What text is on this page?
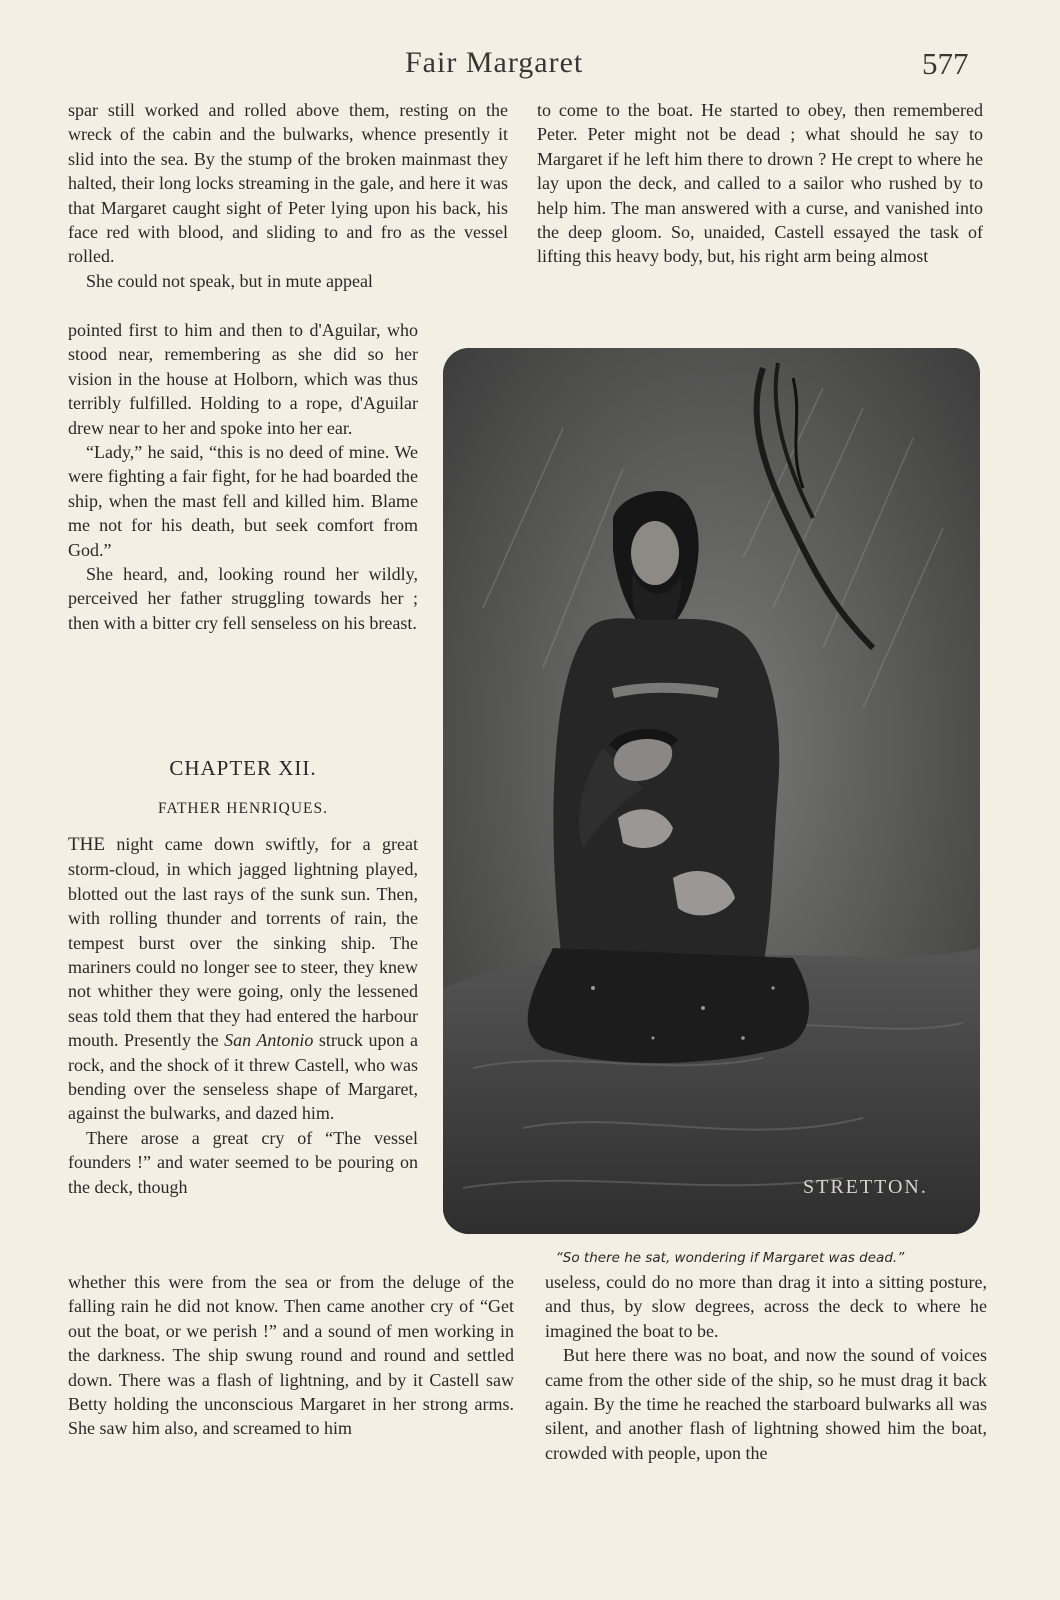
Fair Margaret	577

spar still worked and rolled above them, resting on the wreck of the cabin and the bulwarks, whence presently it slid into the sea. By the stump of the broken mainmast they halted, their long locks streaming in the gale, and here it was that Margaret caught sight of Peter lying upon his back, his face red with blood, and sliding to and fro as the vessel rolled.

She could not speak, but in mute appeal

pointed first to him and then to d'Aguilar, who stood near, remembering as she did so her vision in the house at Holborn, which was thus terribly fulfilled. Holding to a rope, d'Aguilar drew near to her and spoke into her ear.

“Lady,” he said, “this is no deed of mine. We were fighting a fair fight, for he had boarded the ship, when the mast fell and killed him. Blame me not for his death, but seek comfort from God.”

She heard, and, looking round her wildly, perceived her father struggling towards her ; then with a bitter cry fell senseless on his breast.

CHAPTER XII.
FATHER HENRIQUES.

THE night came down swiftly, for a great storm-cloud, in which jagged lightning played, blotted out the last rays of the sunk sun. Then, with rolling thunder and torrents of rain, the tempest burst over the sinking ship. The mariners could no longer see to steer, they knew not whither they were going, only the lessened seas told them that they had entered the harbour mouth. Presently the San Antonio struck upon a rock, and the shock of it threw Castell, who was bending over the senseless shape of Margaret, against the bulwarks, and dazed him.

There arose a great cry of “The vessel founders !” and water seemed to be pouring on the deck, though

whether this were from the sea or from the deluge of the falling rain he did not know. Then came another cry of “Get out the boat, or we perish !” and a sound of men working in the darkness. The ship swung round and round and settled down. There was a flash of lightning, and by it Castell saw Betty holding the unconscious Margaret in her strong arms. She saw him also, and screamed to him

to come to the boat. He started to obey, then remembered Peter. Peter might not be dead ; what should he say to Margaret if he left him there to drown ? He crept to where he lay upon the deck, and called to a sailor who rushed by to help him. The man answered with a curse, and vanished into the deep gloom. So, unaided, Castell essayed the task of lifting this heavy body, but, his right arm being almost

STRETTON.
“So there he sat, wondering if Margaret was dead.”

useless, could do no more than drag it into a sitting posture, and thus, by slow degrees, across the deck to where he imagined the boat to be.

But here there was no boat, and now the sound of voices came from the other side of the ship, so he must drag it back again. By the time he reached the starboard bulwarks all was silent, and another flash of lightning showed him the boat, crowded with people, upon the
